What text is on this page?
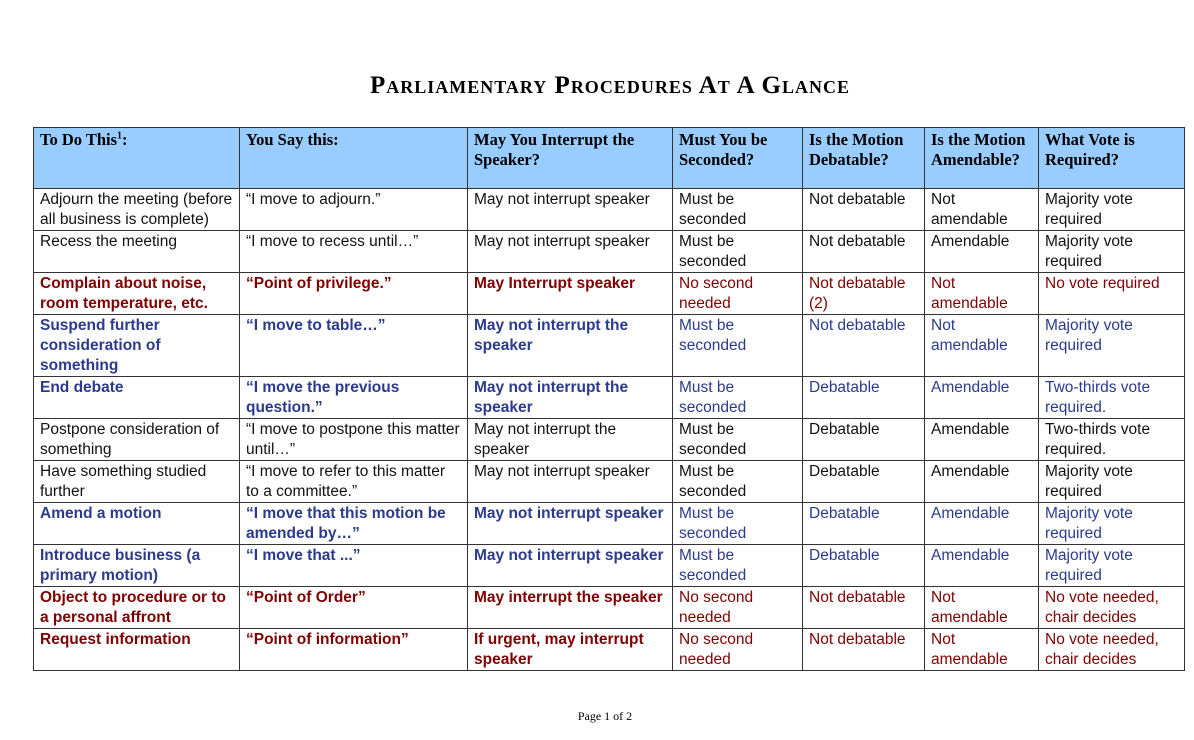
Parliamentary Procedures At A Glance
To Do This$^1$:	You Say this:	May You Interrupt the Speaker?	Must You be Seconded?	Is the Motion Debatable?	Is the Motion Amendable?	What Vote is Required?
Adjourn the meeting (before all business is complete)	“I move to adjourn.”	May not interrupt speaker	Must be seconded	Not debatable	Not amendable	Majority vote required
Recess the meeting	“I move to recess until…”	May not interrupt speaker	Must be seconded	Not debatable	Amendable	Majority vote required
Complain about noise, room temperature, etc.	“Point of privilege.”	May Interrupt speaker	No second needed	Not debatable (2)	Not amendable	No vote required
Suspend further consideration of something	“I move to table…”	May not interrupt the speaker	Must be seconded	Not debatable	Not amendable	Majority vote required
End debate	“I move the previous question.”	May not interrupt the speaker	Must be seconded	Debatable	Amendable	Two-thirds vote required.
Postpone consideration of something	“I move to postpone this matter until…”	May not interrupt the speaker	Must be seconded	Debatable	Amendable	Two-thirds vote required.
Have something studied further	“I move to refer to this matter to a committee.”	May not interrupt speaker	Must be seconded	Debatable	Amendable	Majority vote required
Amend a motion	“I move that this motion be amended by…”	May not interrupt speaker	Must be seconded	Debatable	Amendable	Majority vote required
Introduce business (a primary motion)	“I move that ...”	May not interrupt speaker	Must be seconded	Debatable	Amendable	Majority vote required
Object to procedure or to a personal affront	“Point of Order”	May interrupt the speaker	No second needed	Not debatable	Not amendable	No vote needed, chair decides
Request information	“Point of information”	If urgent, may interrupt speaker	No second needed	Not debatable	Not amendable	No vote needed, chair decides
Page 1 of 2
